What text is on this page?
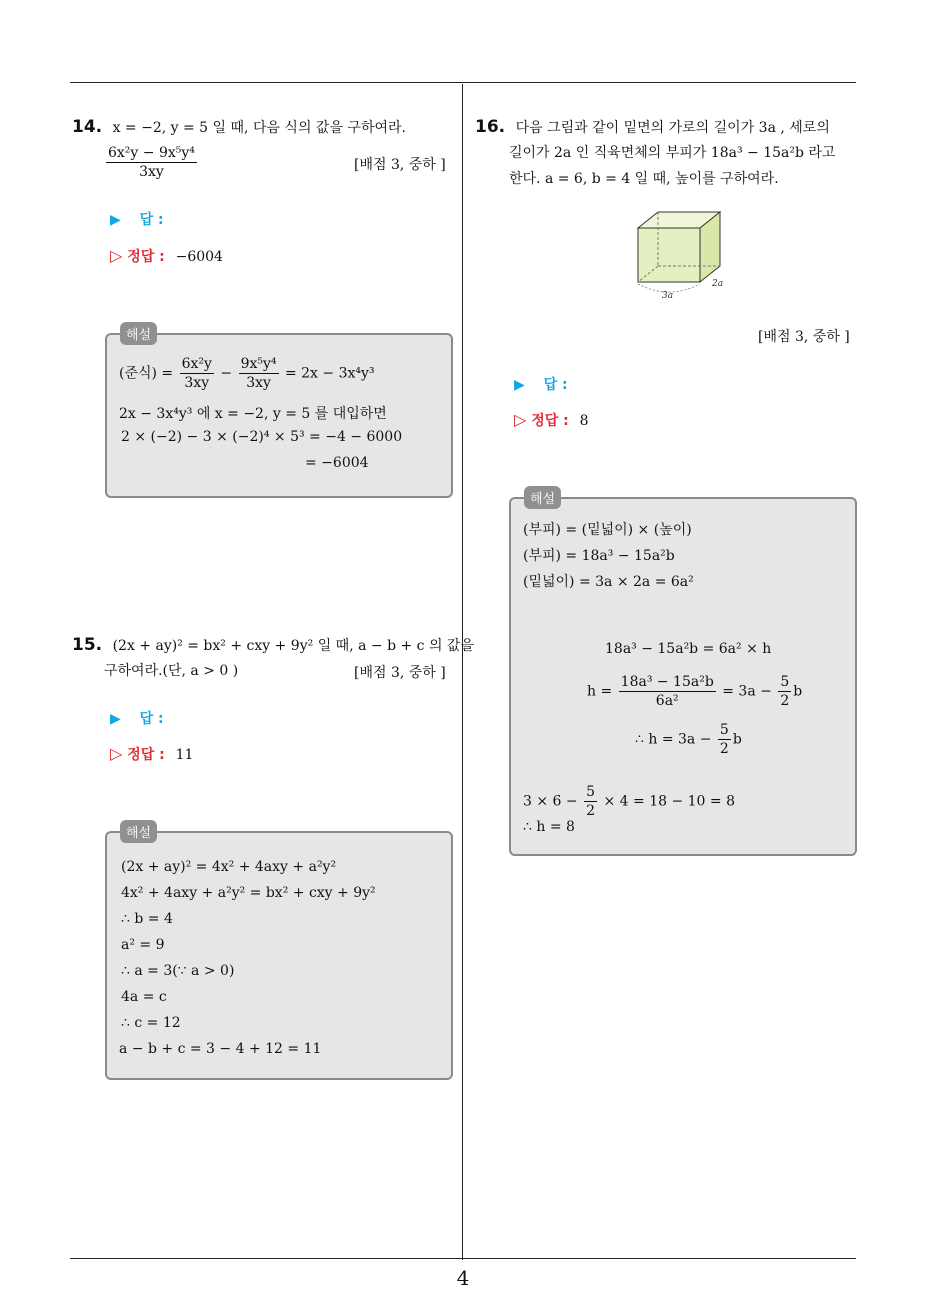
4
14. x = −2, y = 5 일 때, 다음 식의 값을 구하여라.
$\frac{\text{6x²y − 9x⁵y⁴}}{3xy}$	[배점 3, 중하 ]
▶ 답 :
▷ 정답 : −6004
(준식) = $\frac{\text{6x²y}}{3xy} - \frac{\text{9x⁵y⁴}}{3xy} = 2x - 3x^4y^3$
2x − 3x⁴y³ 에 x = −2, y = 5 를 대입하면
2 × (−2) − 3 × (−2)⁴ × 5³ = −4 − 6000
= −6004
해설
15. (2x + ay)² = bx² + cxy + 9y² 일 때, a − b + c 의 값을
구하여라.(단, a > 0 )	[배점 3, 중하 ]
▶ 답 :
▷ 정답 : 11
(2x + ay)² = 4x² + 4axy + a²y²
4x² + 4axy + a²y² = bx² + cxy + 9y²
∴ b = 4
a² = 9
∴ a = 3(∵ a > 0)
4a = c
∴ c = 12
a − b + c = 3 − 4 + 12 = 11
해설
16. 다음 그림과 같이 밑면의 가로의 길이가 3a , 세로의
길이가 2a 인 직육면체의 부피가 18a³ − 15a²b 라고
한다. a = 6, b = 4 일 때, 높이를 구하여라.
3a
2a
[배점 3, 중하 ]
▶ 답 :
▷ 정답 : 8
(부피) = (밑넓이) × (높이)
(부피) = 18a³ − 15a²b
(밑넓이) = 3a × 2a = 6a²
18a³ − 15a²b = 6a² × h
$h = \frac{\text{18a³ − 15a²b}}{\text{6a²}} = 3a - \frac{5}{2}$ b
∴ $h = 3a - \frac{5}{2}$ b
$3 \times 6 - \frac{5}{2} \times 4 = 18 - 10 = 8$
∴ h = 8
해설
